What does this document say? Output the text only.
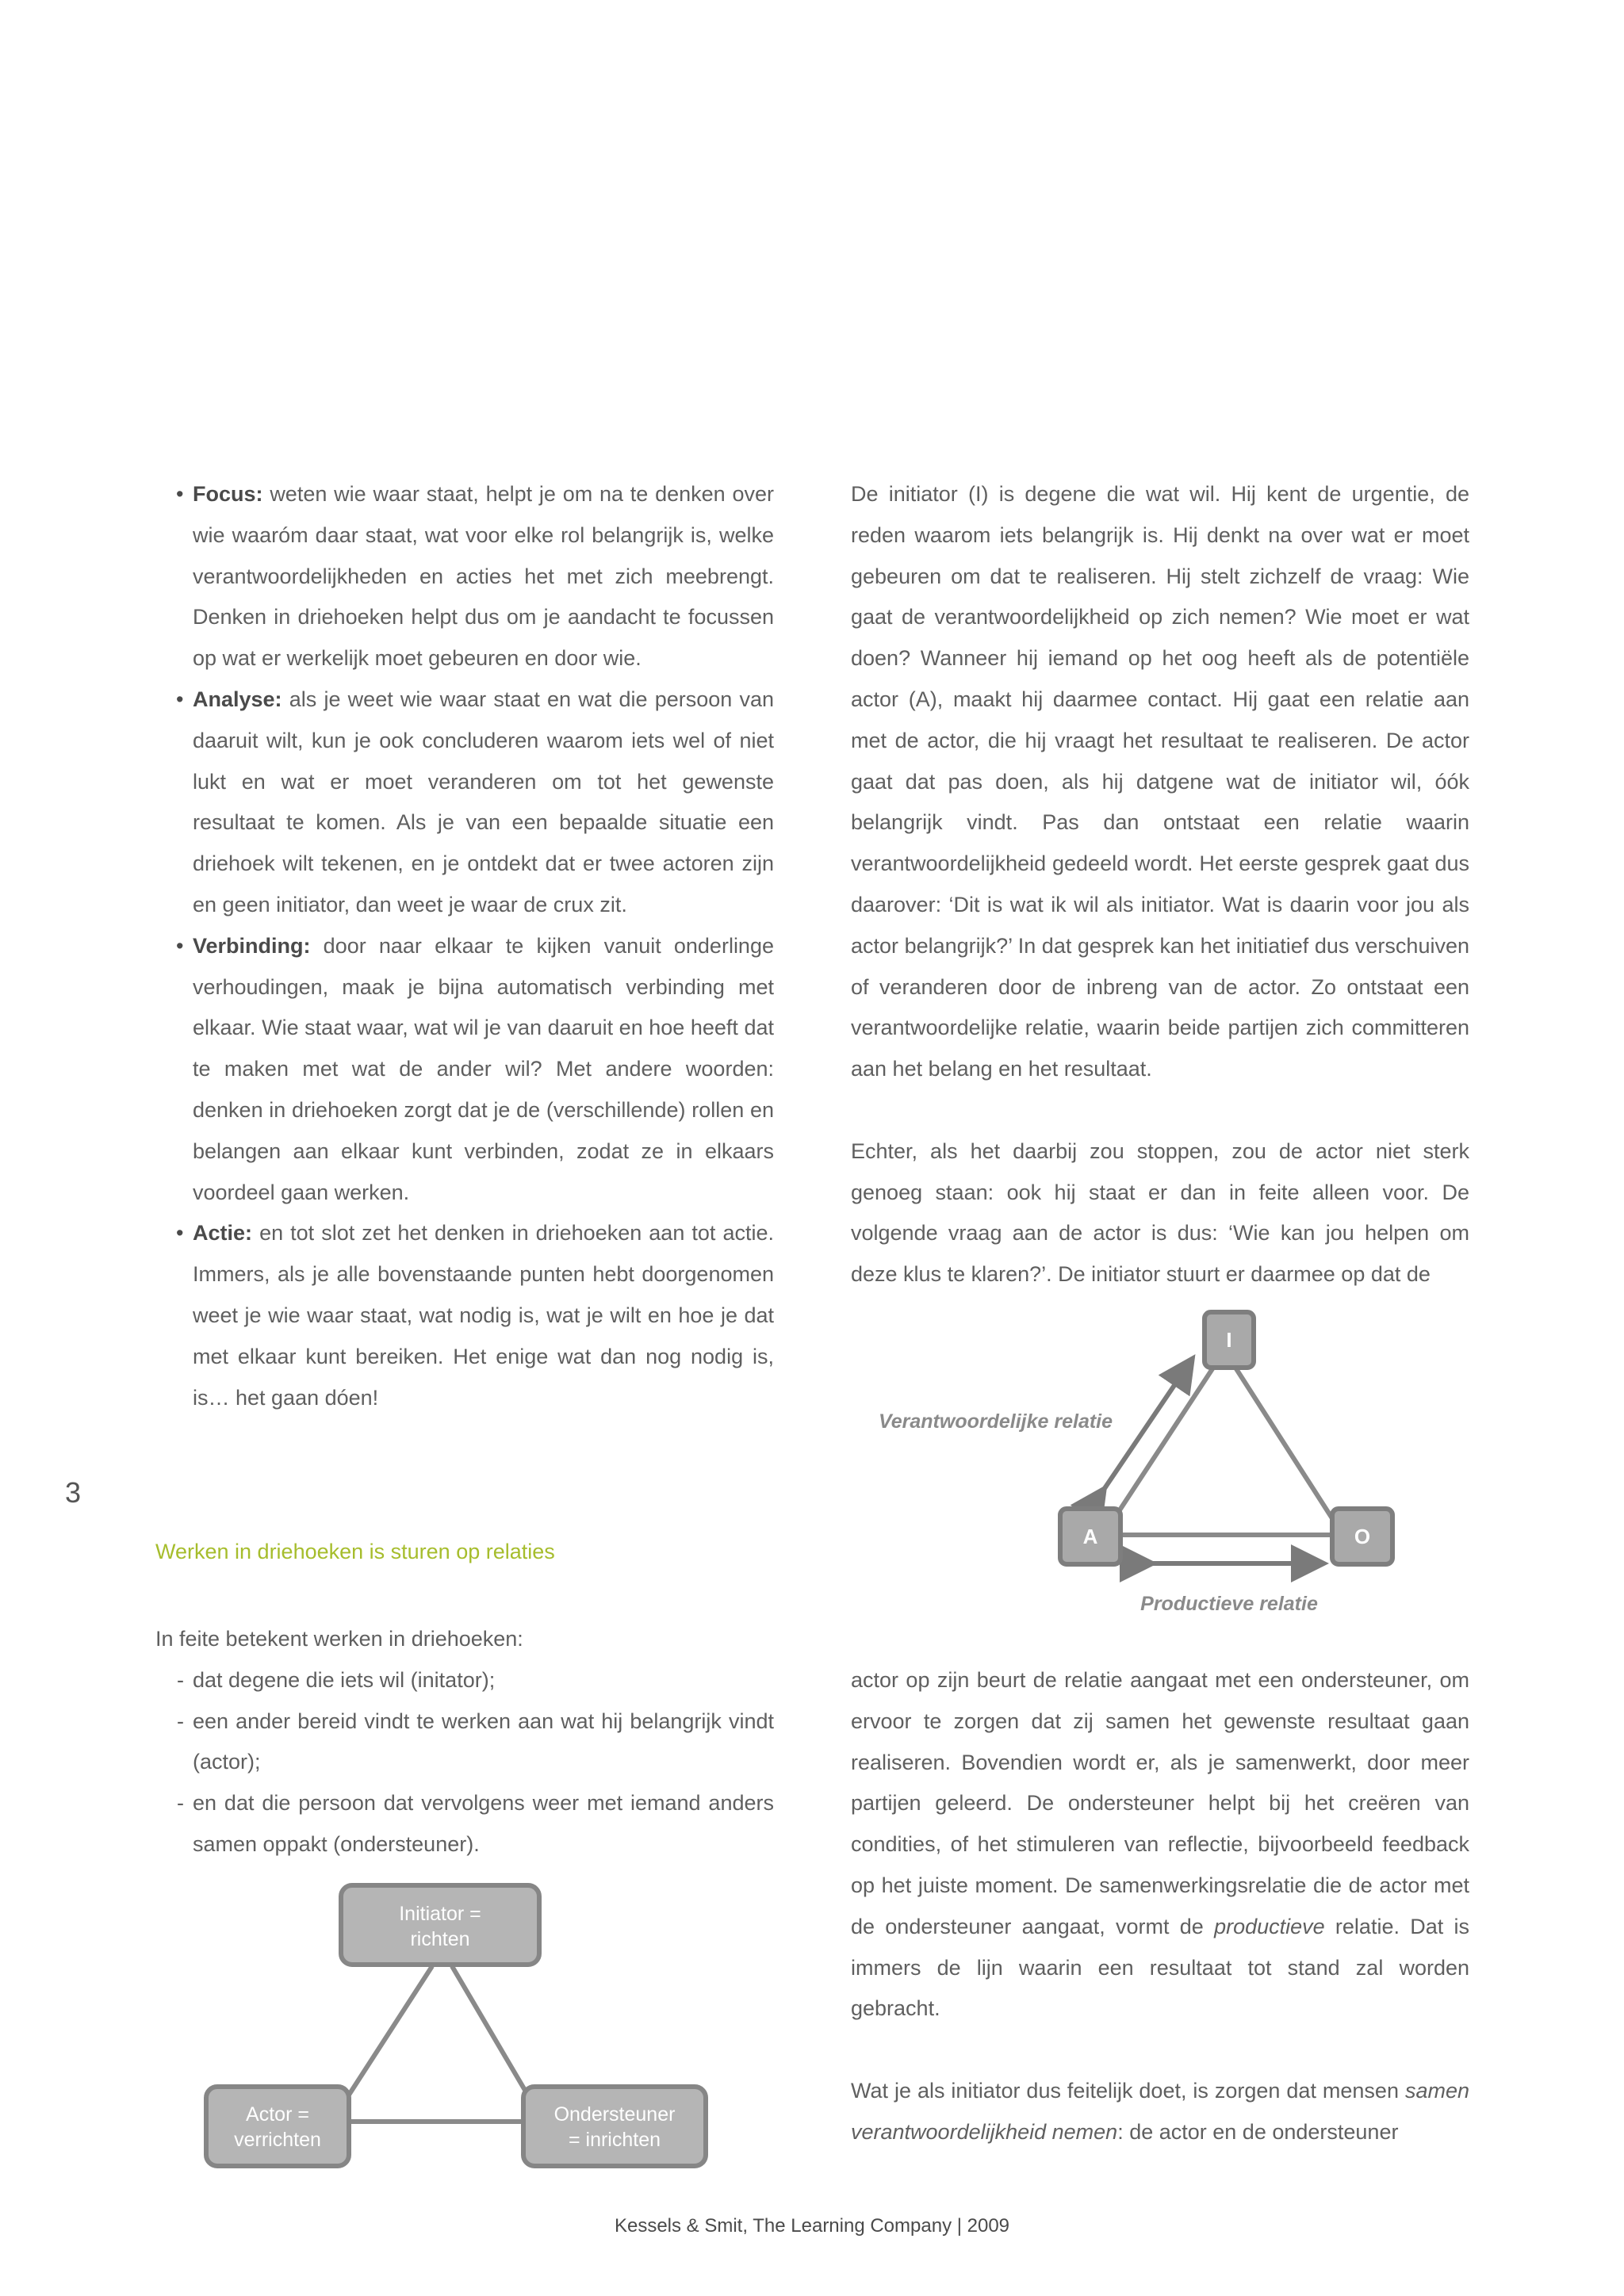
• Focus: weten wie waar staat, helpt je om na te denken over wie waaróm daar staat, wat voor elke rol belangrijk is, welke verantwoordelijkheden en acties het met zich meebrengt. Denken in driehoeken helpt dus om je aandacht te focussen op wat er werkelijk moet gebeuren en door wie.
• Analyse: als je weet wie waar staat en wat die persoon van daaruit wilt, kun je ook concluderen waarom iets wel of niet lukt en wat er moet veranderen om tot het gewenste resultaat te komen. Als je van een bepaalde situatie een driehoek wilt tekenen, en je ontdekt dat er twee actoren zijn en geen initiator, dan weet je waar de crux zit.
• Verbinding: door naar elkaar te kijken vanuit onderlinge verhoudingen, maak je bijna automatisch verbinding met elkaar. Wie staat waar, wat wil je van daaruit en hoe heeft dat te maken met wat de ander wil? Met andere woorden: denken in driehoeken zorgt dat je de (verschillende) rollen en belangen aan elkaar kunt verbinden, zodat ze in elkaars voordeel gaan werken.
• Actie: en tot slot zet het denken in driehoeken aan tot actie. Immers, als je alle bovenstaande punten hebt doorgenomen weet je wie waar staat, wat nodig is, wat je wilt en hoe je dat met elkaar kunt bereiken. Het enige wat dan nog nodig is, is… het gaan dóen!
3
Werken in driehoeken is sturen op relaties

In feite betekent werken in driehoeken:

- dat degene die iets wil (initator);
- een ander bereid vindt te werken aan wat hij belangrijk vindt (actor);
- en dat die persoon dat vervolgens weer met iemand anders samen oppakt (ondersteuner).
Initiator =
richten
Actor =
verrichten
Ondersteuner
= inrichten

De initiator (I) is degene die wat wil. Hij kent de urgentie, de reden waarom iets belangrijk is. Hij denkt na over wat er moet gebeuren om dat te realiseren. Hij stelt zichzelf de vraag: Wie gaat de verantwoordelijkheid op zich nemen? Wie moet er wat doen? Wanneer hij iemand op het oog heeft als de potentiële actor (A), maakt hij daarmee contact. Hij gaat een relatie aan met de actor, die hij vraagt het resultaat te realiseren. De actor gaat dat pas doen, als hij datgene wat de initiator wil, óók belangrijk vindt. Pas dan ontstaat een relatie waarin verantwoordelijkheid gedeeld wordt. Het eerste gesprek gaat dus daarover: ‘Dit is wat ik wil als initiator. Wat is daarin voor jou als actor belangrijk?’ In dat gesprek kan het initiatief dus verschuiven of veranderen door de inbreng van de actor. Zo ontstaat een verantwoordelijke relatie, waarin beide partijen zich committeren aan het belang en het resultaat.

Echter, als het daarbij zou stoppen, zou de actor niet sterk genoeg staan: ook hij staat er dan in feite alleen voor. De volgende vraag aan de actor is dus: ‘Wie kan jou helpen om deze klus te klaren?’. De initiator stuurt er daarmee op dat de

I
A	O
Verantwoordelijke relatie
Productieve relatie

actor op zijn beurt de relatie aangaat met een ondersteuner, om ervoor te zorgen dat zij samen het gewenste resultaat gaan realiseren. Bovendien wordt er, als je samenwerkt, door meer partijen geleerd. De ondersteuner helpt bij het creëren van condities, of het stimuleren van reflectie, bijvoorbeeld feedback op het juiste moment. De samenwerkingsrelatie die de actor met de ondersteuner aangaat, vormt de productieve relatie. Dat is immers de lijn waarin een resultaat tot stand zal worden gebracht.

Wat je als initiator dus feitelijk doet, is zorgen dat mensen samen verantwoordelijkheid nemen: de actor en de ondersteuner

Kessels & Smit, The Learning Company | 2009
